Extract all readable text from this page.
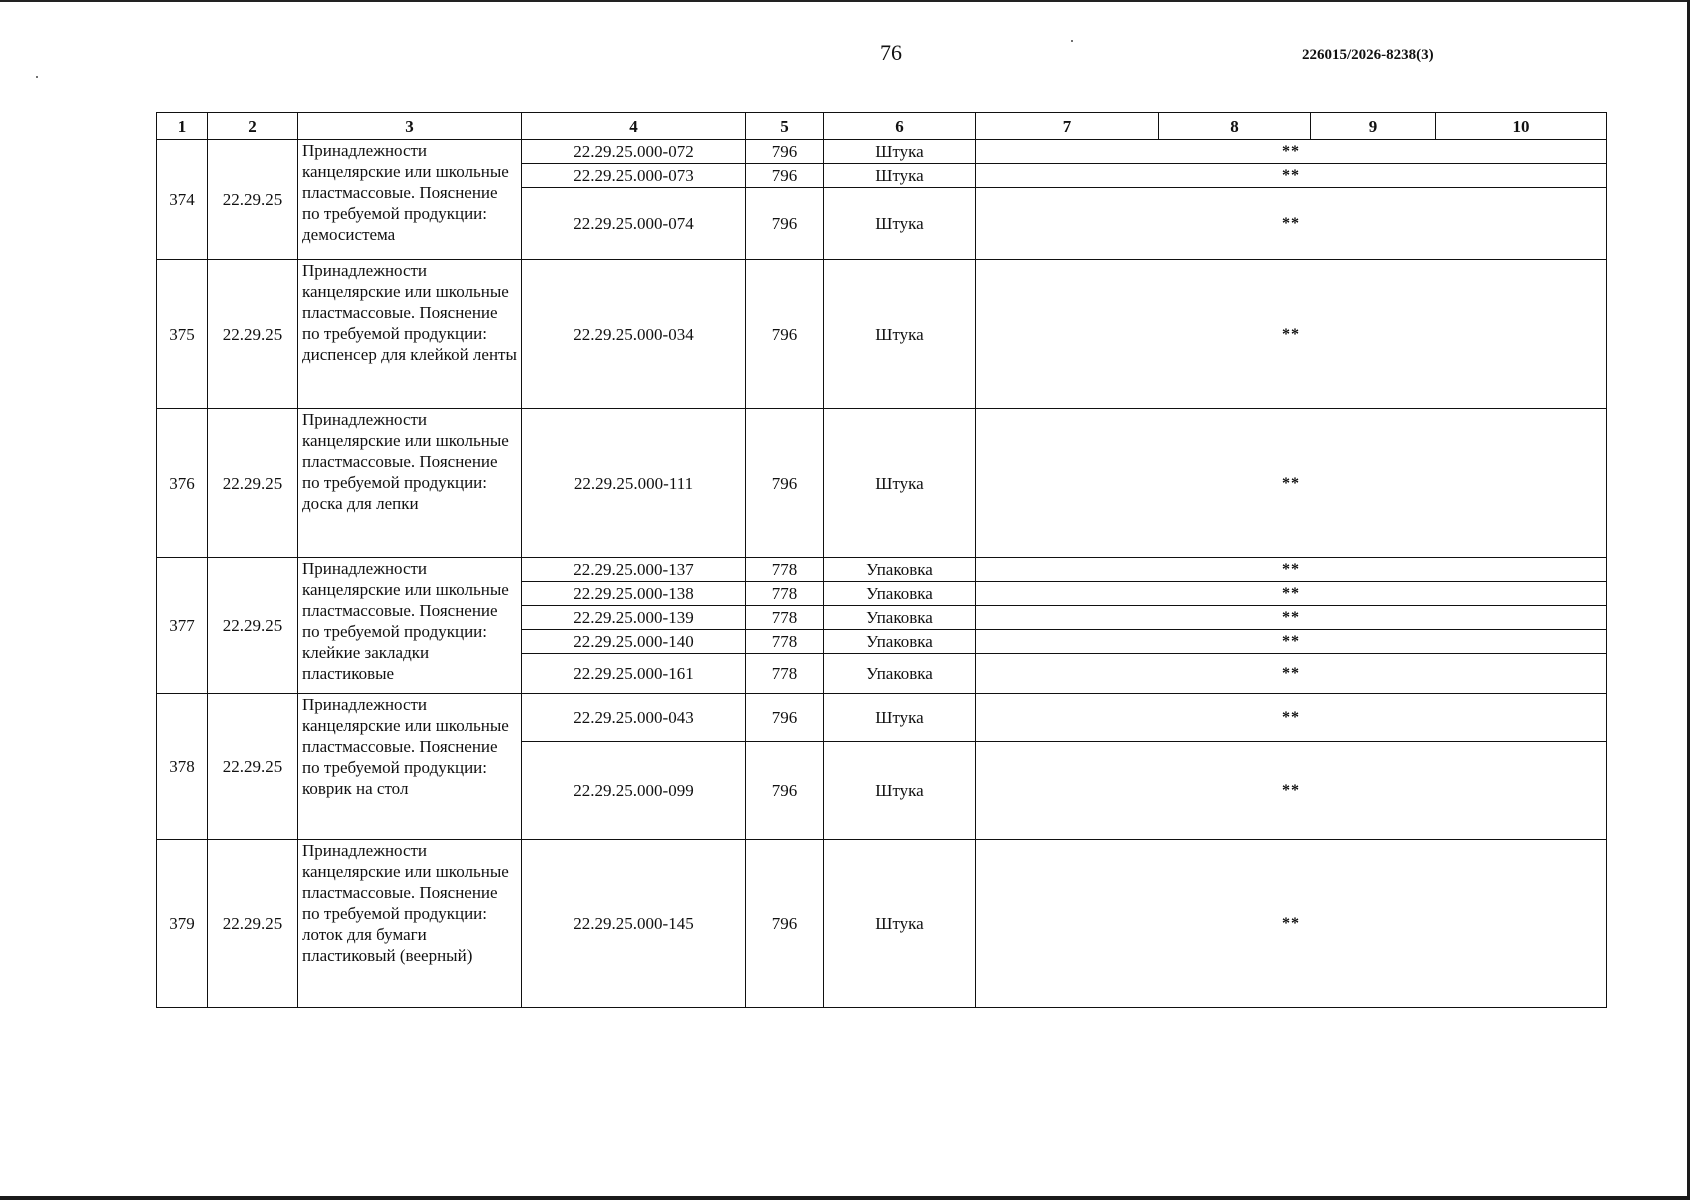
76	226015/2026-8238(3)
1	2	3	4	5	6	7	8	9	10
374	22.29.25	Принадлежности канцелярские или школьные пластмассовые. Пояснение по требуемой продукции: демосистема	22.29.25.000-072	796	Штука	**			
			22.29.25.000-073	796	Штука	**			
			22.29.25.000-074	796	Штука	**			
375	22.29.25	Принадлежности канцелярские или школьные пластмассовые. Пояснение по требуемой продукции: диспенсер для клейкой ленты	22.29.25.000-034	796	Штука	**			
376	22.29.25	Принадлежности канцелярские или школьные пластмассовые. Пояснение по требуемой продукции: доска для лепки	22.29.25.000-111	796	Штука	**			
377	22.29.25	Принадлежности канцелярские или школьные пластмассовые. Пояснение по требуемой продукции: клейкие закладки пластиковые	22.29.25.000-137	778	Упаковка	**			
			22.29.25.000-138	778	Упаковка	**			
			22.29.25.000-139	778	Упаковка	**			
			22.29.25.000-140	778	Упаковка	**			
			22.29.25.000-161	778	Упаковка	**			
378	22.29.25	Принадлежности канцелярские или школьные пластмассовые. Пояснение по требуемой продукции: коврик на стол	22.29.25.000-043	796	Штука	**			
			22.29.25.000-099	796	Штука	**			
379	22.29.25	Принадлежности канцелярские или школьные пластмассовые. Пояснение по требуемой продукции: лоток для бумаги пластиковый (веерный)	22.29.25.000-145	796	Штука	**			
